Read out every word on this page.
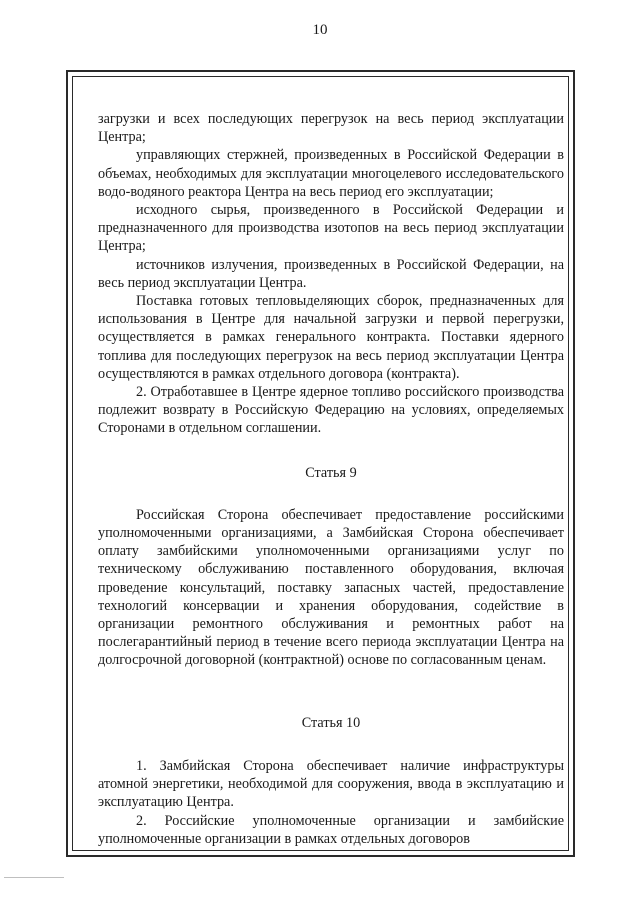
10

загрузки и всех последующих перегрузок на весь период эксплуатации Центра;

управляющих стержней, произведенных в Российской Федерации в объемах, необходимых для эксплуатации многоцелевого исследовательского водо-водяного реактора Центра на весь период его эксплуатации;

исходного сырья, произведенного в Российской Федерации и предназначенного для производства изотопов на весь период эксплуатации Центра;

источников излучения, произведенных в Российской Федерации, на весь период эксплуатации Центра.

Поставка готовых тепловыделяющих сборок, предназначенных для использования в Центре для начальной загрузки и первой перегрузки, осуществляется в рамках генерального контракта. Поставки ядерного топлива для последующих перегрузок на весь период эксплуатации Центра осуществляются в рамках отдельного договора (контракта).

2. Отработавшее в Центре ядерное топливо российского производства подлежит возврату в Российскую Федерацию на условиях, определяемых Сторонами в отдельном соглашении.

Статья 9

Российская Сторона обеспечивает предоставление российскими уполномоченными организациями, а Замбийская Сторона обеспечивает оплату замбийскими уполномоченными организациями услуг по техническому обслуживанию поставленного оборудования, включая проведение консультаций, поставку запасных частей, предоставление технологий консервации и хранения оборудования, содействие в организации ремонтного обслуживания и ремонтных работ на послегарантийный период в течение всего периода эксплуатации Центра на долгосрочной договорной (контрактной) основе по согласованным ценам.

Статья 10

1. Замбийская Сторона обеспечивает наличие инфраструктуры атомной энергетики, необходимой для сооружения, ввода в эксплуатацию и эксплуатацию Центра.

2. Российские уполномоченные организации и замбийские уполномоченные организации в рамках отдельных договоров
